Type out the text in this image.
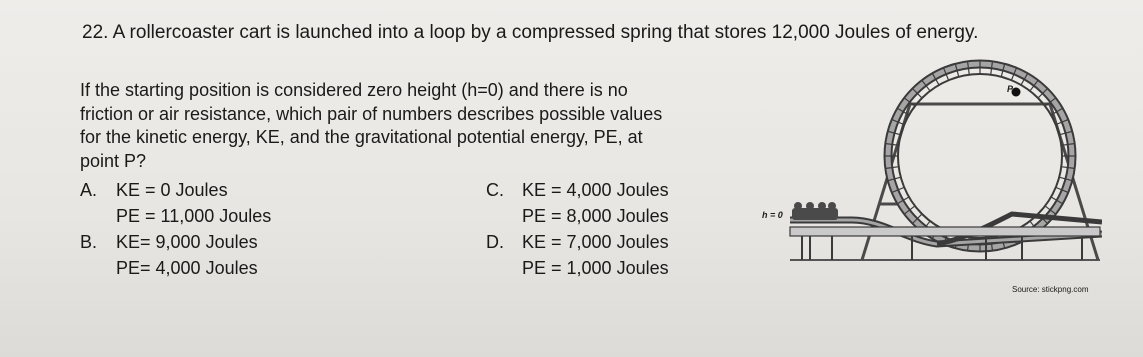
22. A rollercoaster cart is launched into a loop by a compressed spring that stores 12,000 Joules of energy.
If the starting position is considered zero height (h=0) and there is no
friction or air resistance, which pair of numbers describes possible values
for the kinetic energy, KE, and the gravitational potential energy, PE, at
point P?
A. KE = 0 Joules
PE = 11,000 Joules
B. KE= 9,000 Joules
PE= 4,000 Joules
C. KE = 4,000 Joules
PE = 8,000 Joules
D. KE = 7,000 Joules
PE = 1,000 Joules
h = 0
P
Source: stickpng.com
